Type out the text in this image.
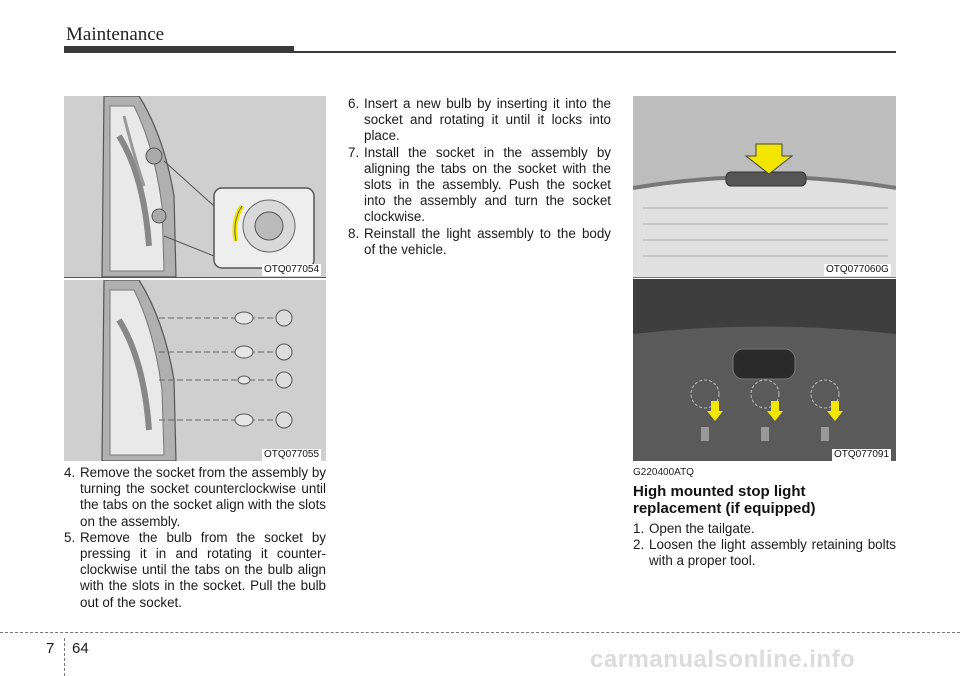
Maintenance
OTQ077054
OTQ077055
4. Remove the socket from the assembly by turning the socket counterclockwise until the tabs on the socket align with the slots on the assembly.
5. Remove the bulb from the socket by pressing it in and rotating it counter-clockwise until the tabs on the bulb align with the slots in the socket. Pull the bulb out of the socket.
6. Insert a new bulb by inserting it into the socket and rotating it until it locks into place.
7. Install the socket in the assembly by aligning the tabs on the socket with the slots in the assembly. Push the socket into the assembly and turn the socket clockwise.
8. Reinstall the light assembly to the body of the vehicle.
OTQ077060G
OTQ077091
G220400ATQ
High mounted stop light
replacement (if equipped)
1. Open the tailgate.
2. Loosen the light assembly retaining bolts with a proper tool.
7 64	carmanualsonline.info
